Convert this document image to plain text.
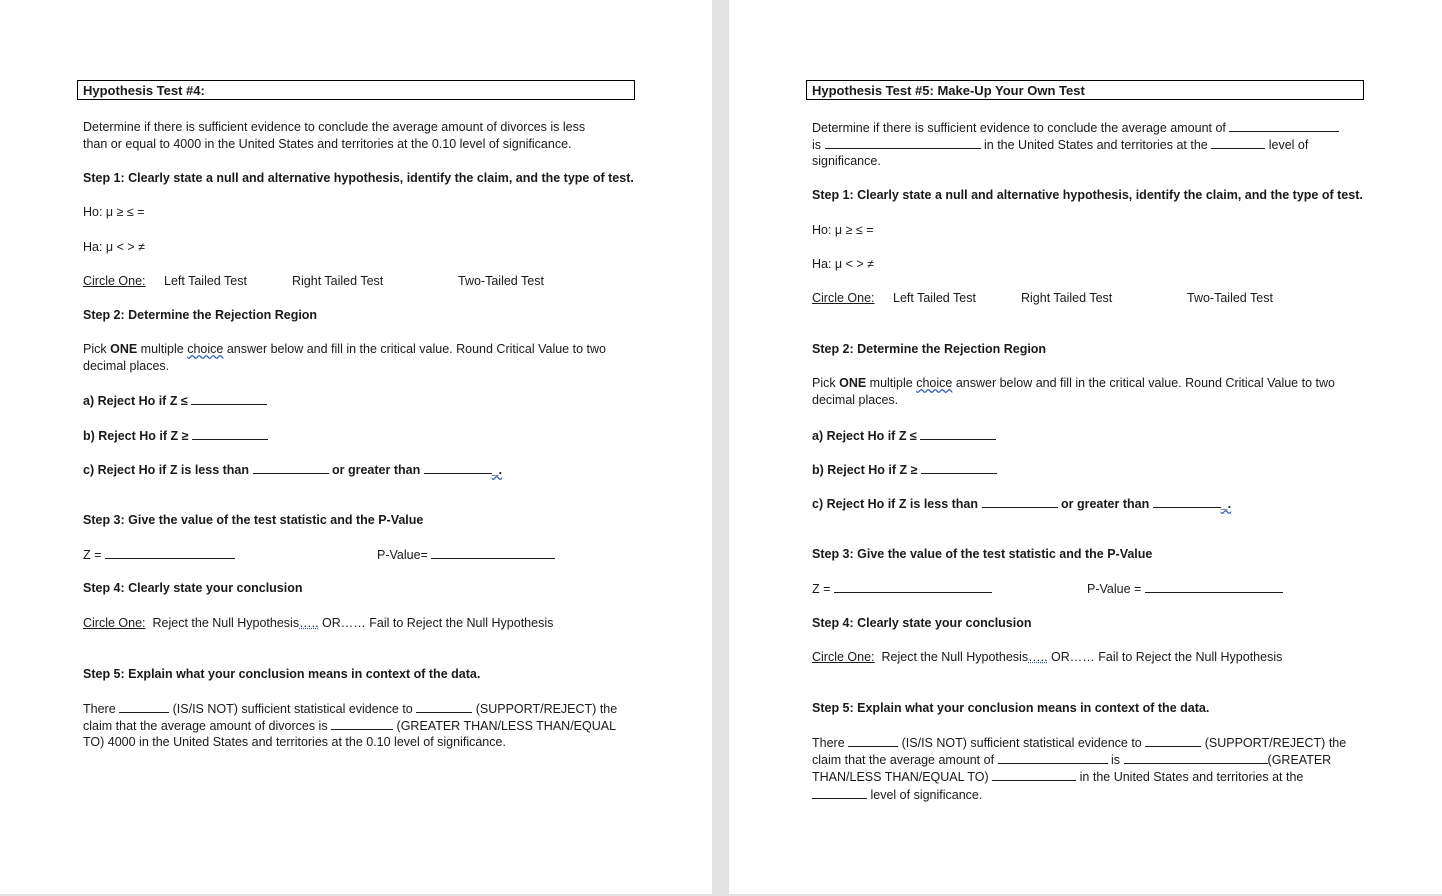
Hypothesis Test #4:
Determine if there is sufficient evidence to conclude the average amount of divorces is less
than or equal to 4000 in the United States and territories at the 0.10 level of significance.
Step 1: Clearly state a null and alternative hypothesis, identify the claim, and the type of test.
Ho: μ ≥ ≤ =
Ha: μ < > ≠
Circle One: Left Tailed Test	Right Tailed Test	Two-Tailed Test
Step 2: Determine the Rejection Region
Pick ONE multiple choice answer below and fill in the critical value. Round Critical Value to two
decimal places.
a) Reject Ho if Z ≤
b) Reject Ho if Z ≥
c) Reject Ho if Z is less than	or greater than	_.
Step 3: Give the value of the test statistic and the P-Value
Z =	P-Value=
Step 4: Clearly state your conclusion
Circle One: Reject the Null Hypothesis….. OR…… Fail to Reject the Null Hypothesis
Step 5: Explain what your conclusion means in context of the data.
There	(IS/IS NOT) sufficient statistical evidence to	(SUPPORT/REJECT) the
claim that the average amount of divorces is	(GREATER THAN/LESS THAN/EQUAL
TO) 4000 in the United States and territories at the 0.10 level of significance.
Hypothesis Test #5: Make-Up Your Own Test
Determine if there is sufficient evidence to conclude the average amount of
is	in the United States and territories at the	level of
significance.
Step 1: Clearly state a null and alternative hypothesis, identify the claim, and the type of test.
Ho: μ ≥ ≤ =
Ha: μ < > ≠
Circle One: Left Tailed Test	Right Tailed Test	Two-Tailed Test
Step 2: Determine the Rejection Region
Pick ONE multiple choice answer below and fill in the critical value. Round Critical Value to two
decimal places.
a) Reject Ho if Z ≤
b) Reject Ho if Z ≥
c) Reject Ho if Z is less than	or greater than	_.
Step 3: Give the value of the test statistic and the P-Value
Z =	P-Value =
Step 4: Clearly state your conclusion
Circle One: Reject the Null Hypothesis….. OR…… Fail to Reject the Null Hypothesis
Step 5: Explain what your conclusion means in context of the data.
There	(IS/IS NOT) sufficient statistical evidence to	(SUPPORT/REJECT) the
claim that the average amount of	is	(GREATER
THAN/LESS THAN/EQUAL TO)	in the United States and territories at the
level of significance.
